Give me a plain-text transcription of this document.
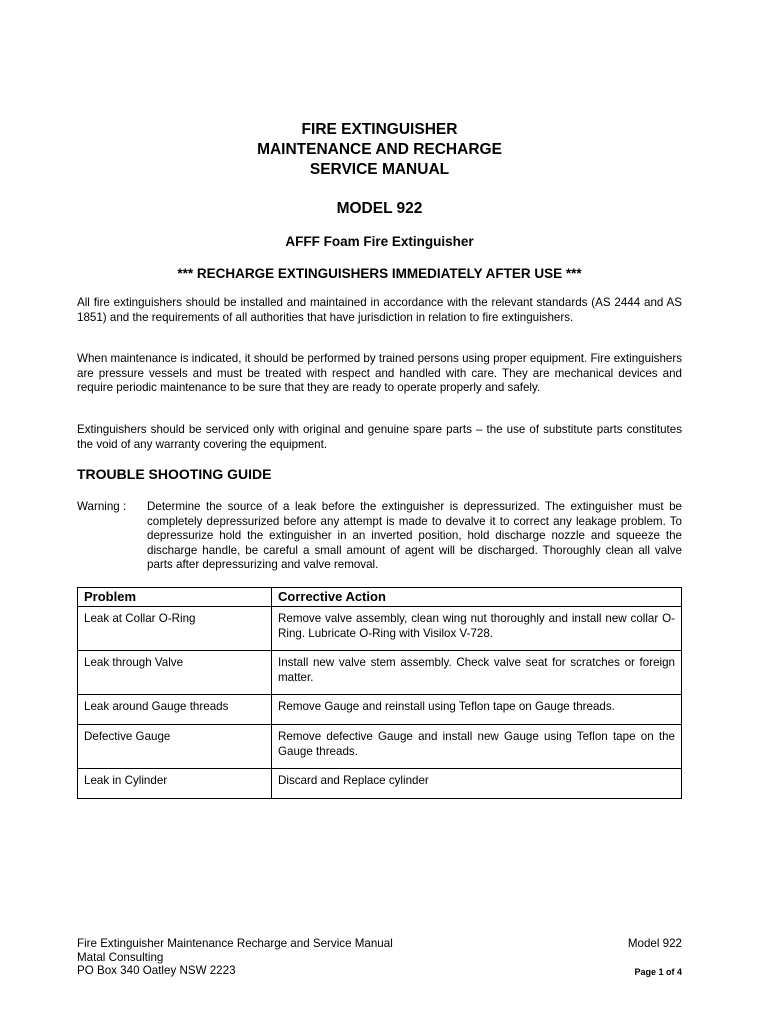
FIRE EXTINGUISHER
MAINTENANCE AND RECHARGE
SERVICE MANUAL
MODEL 922
AFFF Foam Fire Extinguisher
*** RECHARGE EXTINGUISHERS IMMEDIATELY AFTER USE ***

All fire extinguishers should be installed and maintained in accordance with the relevant standards (AS 2444 and AS 1851) and the requirements of all authorities that have jurisdiction in relation to fire extinguishers.

When maintenance is indicated, it should be performed by trained persons using proper equipment. Fire extinguishers are pressure vessels and must be treated with respect and handled with care. They are mechanical devices and require periodic maintenance to be sure that they are ready to operate properly and safely.

Extinguishers should be serviced only with original and genuine spare parts – the use of substitute parts constitutes the void of any warranty covering the equipment.

TROUBLE SHOOTING GUIDE
Warning : Determine the source of a leak before the extinguisher is depressurized. The extinguisher must be completely depressurized before any attempt is made to devalve it to correct any leakage problem. To depressurize hold the extinguisher in an inverted position, hold discharge nozzle and squeeze the discharge handle, be careful a small amount of agent will be discharged. Thoroughly clean all valve parts after depressurizing and valve removal.
Problem	Corrective Action
Leak at Collar O-Ring	Remove valve assembly, clean wing nut thoroughly and install new collar O-Ring. Lubricate O-Ring with Visilox V-728.
Leak through Valve	Install new valve stem assembly. Check valve seat for scratches or foreign matter.
Leak around Gauge threads	Remove Gauge and reinstall using Teflon tape on Gauge threads.
Defective Gauge	Remove defective Gauge and install new Gauge using Teflon tape on the Gauge threads.
Leak in Cylinder	Discard and Replace cylinder
Fire Extinguisher Maintenance Recharge and Service Manual
Matal Consulting
PO Box 340 Oatley NSW 2223
Model 922
Page 1 of 4
